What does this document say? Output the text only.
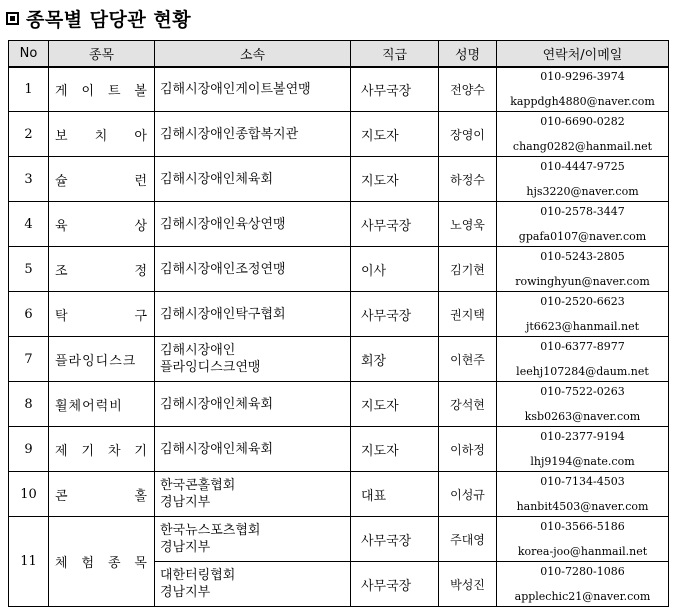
종목별 담당관 현황
No	종목	소속	직급	성명	연락처/이메일
1	게 이 트 볼	김해시장애인게이트볼연맹	사무국장	전양수	010-9296-3974
kappdgh4880@naver.com

2	보 치 아	김해시장애인종합복지관	지도자	장영이	010-6690-0282
chang0282@hanmail.net

3	슐 런	김해시장애인체육회	지도자	하정수	010-4447-9725
hjs3220@naver.com

4	육 상	김해시장애인육상연맹	사무국장	노영욱	010-2578-3447
gpafa0107@naver.com

5	조 정	김해시장애인조정연맹	이사	김기현	010-5243-2805
rowinghyun@naver.com

6	탁 구	김해시장애인탁구협회	사무국장	권지택	010-2520-6623
jt6623@hanmail.net

7	플라잉디스크	김해시장애인
플라잉디스크연맹	회장	이현주	010-6377-8977
leehj107284@daum.net

8	휠체어럭비	김해시장애인체육회	지도자	강석현	010-7522-0263
ksb0263@naver.com

9	제 기 차 기	김해시장애인체육회	지도자	이하정	010-2377-9194
lhj9194@nate.com

10	콘 홀	한국콘홀협회
경남지부	대표	이성규	010-7134-4503
hanbit4503@naver.com

11	체 험 종 목	한국뉴스포츠협회
경남지부	사무국장	주대영	010-3566-5186
korea-joo@hanmail.net

		대한터링협회
경남지부	사무국장	박성진	010-7280-1086
applechic21@naver.com
